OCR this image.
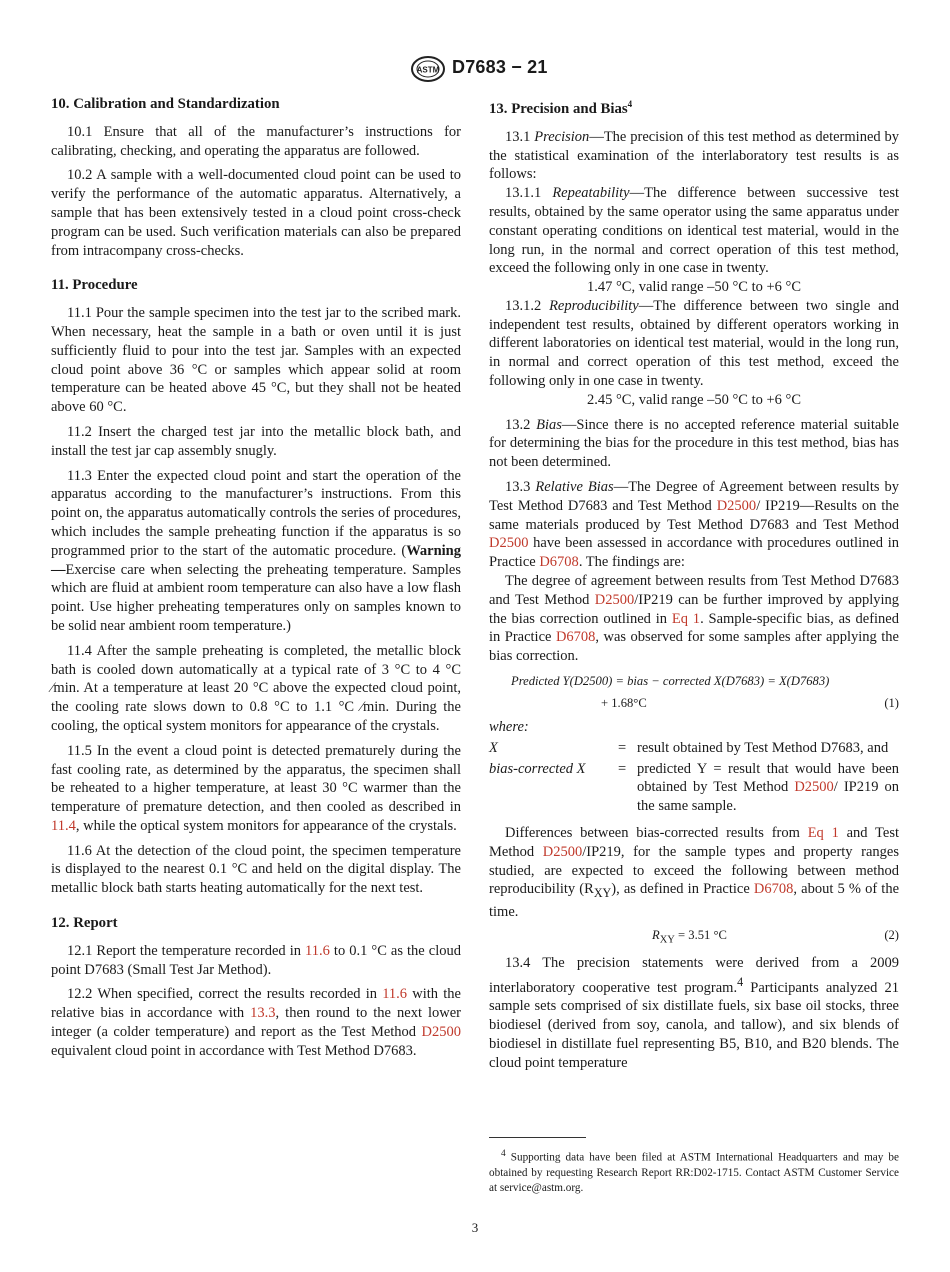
ASTM D7683 − 21
10. Calibration and Standardization

10.1 Ensure that all of the manufacturer’s instructions for calibrating, checking, and operating the apparatus are followed.

10.2 A sample with a well-documented cloud point can be used to verify the performance of the automatic apparatus. Alternatively, a sample that has been extensively tested in a cloud point cross-check program can be used. Such verification materials can also be prepared from intracompany cross-checks.

11. Procedure

11.1 Pour the sample specimen into the test jar to the scribed mark. When necessary, heat the sample in a bath or oven until it is just sufficiently fluid to pour into the test jar. Samples with an expected cloud point above 36 °C or samples which appear solid at room temperature can be heated above 45 °C, but they shall not be heated above 60 °C.

11.2 Insert the charged test jar into the metallic block bath, and install the test jar cap assembly snugly.

11.3 Enter the expected cloud point and start the operation of the apparatus according to the manufacturer’s instructions. From this point on, the apparatus automatically controls the series of procedures, which includes the sample preheating function if the apparatus is so programmed prior to the start of the automatic procedure. (Warning—Exercise care when selecting the preheating temperature. Samples which are fluid at ambient room temperature can also have a low flash point. Use higher preheating temperatures only on samples known to be solid near ambient room temperature.)

11.4 After the sample preheating is completed, the metallic block bath is cooled down automatically at a typical rate of 3 °C to 4 °C ⁄min. At a temperature at least 20 °C above the expected cloud point, the cooling rate slows down to 0.8 °C to 1.1 °C ⁄min. During the cooling, the optical system monitors for appearance of the crystals.

11.5 In the event a cloud point is detected prematurely during the fast cooling rate, as determined by the apparatus, the specimen shall be reheated to a higher temperature, at least 30 °C warmer than the temperature of premature detection, and then cooled as described in 11.4, while the optical system monitors for appearance of the crystals.

11.6 At the detection of the cloud point, the specimen temperature is displayed to the nearest 0.1 °C and held on the digital display. The metallic block bath starts heating automatically for the next test.

12. Report

12.1 Report the temperature recorded in 11.6 to 0.1 °C as the cloud point D7683 (Small Test Jar Method).

12.2 When specified, correct the results recorded in 11.6 with the relative bias in accordance with 13.3, then round to the next lower integer (a colder temperature) and report as the Test Method D2500 equivalent cloud point in accordance with Test Method D7683.

13. Precision and Bias$^4$

13.1 Precision—The precision of this test method as determined by the statistical examination of the interlaboratory test results is as follows:

13.1.1 Repeatability—The difference between successive test results, obtained by the same operator using the same apparatus under constant operating conditions on identical test material, would in the long run, in the normal and correct operation of this test method, exceed the following only in one case in twenty.

1.47 °C, valid range –50 °C to +6 °C

13.1.2 Reproducibility—The difference between two single and independent test results, obtained by different operators working in different laboratories on identical test material, would in the long run, in normal and correct operation of this test method, exceed the following only in one case in twenty.

2.45 °C, valid range –50 °C to +6 °C

13.2 Bias—Since there is no accepted reference material suitable for determining the bias for the procedure in this test method, bias has not been determined.

13.3 Relative Bias—The Degree of Agreement between results by Test Method D7683 and Test Method D2500/ IP219—Results on the same materials produced by Test Method D7683 and Test Method D2500 have been assessed in accordance with procedures outlined in Practice D6708. The findings are:

The degree of agreement between results from Test Method D7683 and Test Method D2500/IP219 can be further improved by applying the bias correction outlined in Eq 1. Sample-specific bias, as defined in Practice D6708, was observed for some samples after applying the bias correction.

Predicted Y(D2500) = bias − corrected X(D7683) = X(D7683)
+ 1.68°C	(1)

where:

X	= result obtained by Test Method D7683, and
bias-corrected X = predicted Y = result that would have been obtained by Test Method D2500/ IP219 on the same sample.

Differences between bias-corrected results from Eq 1 and Test Method D2500/IP219, for the sample types and property ranges studied, are expected to exceed the following between method reproducibility $(R_{XY})$, as defined in Practice D6708, about 5 % of the time.

$R_{XY} = 3.51$ °C	(2)

13.4 The precision statements were derived from a 2009 interlaboratory cooperative test program.$^4$ Participants analyzed 21 sample sets comprised of six distillate fuels, six base oil stocks, three biodiesel (derived from soy, canola, and tallow), and six blends of biodiesel in distillate fuel representing B5, B10, and B20 blends. The cloud point temperature

$^4$ Supporting data have been filed at ASTM International Headquarters and may be obtained by requesting Research Report RR:D02-1715. Contact ASTM Customer Service at service@astm.org.
3
